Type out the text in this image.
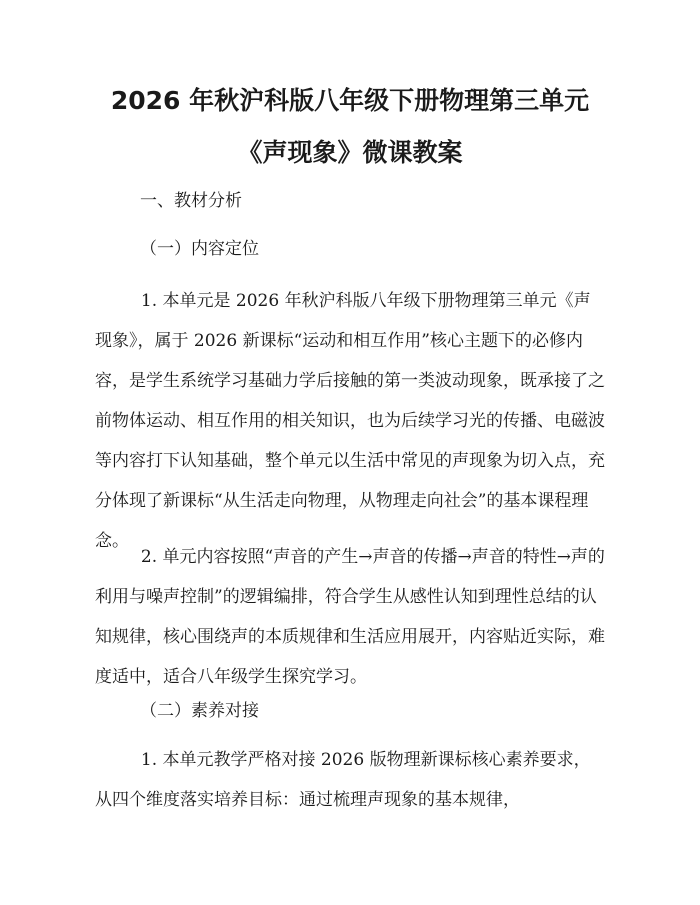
2026 年秋沪科版八年级下册物理第三单元
《声现象》微课教案
一、教材分析
（一）内容定位
1. 本单元是 2026 年秋沪科版八年级下册物理第三单元《声现象》，属于 2026 新课标“运动和相互作用”核心主题下的必修内容，是学生系统学习基础力学后接触的第一类波动现象，既承接了之前物体运动、相互作用的相关知识，也为后续学习光的传播、电磁波等内容打下认知基础，整个单元以生活中常见的声现象为切入点，充分体现了新课标“从生活走向物理，从物理走向社会”的基本课程理念。
2. 单元内容按照“声音的产生→声音的传播→声音的特性→声的利用与噪声控制”的逻辑编排，符合学生从感性认知到理性总结的认知规律，核心围绕声的本质规律和生活应用展开，内容贴近实际，难度适中，适合八年级学生探究学习。
（二）素养对接
1. 本单元教学严格对接 2026 版物理新课标核心素养要求，从四个维度落实培养目标：通过梳理声现象的基本规律，
